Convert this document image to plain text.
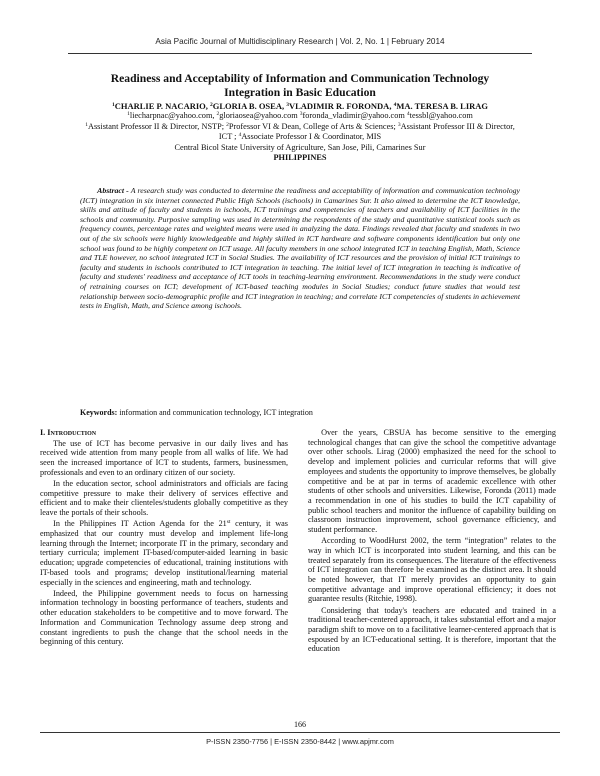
Asia Pacific Journal of Multidisciplinary Research | Vol. 2, No. 1 | February 2014
Readiness and Acceptability of Information and Communication Technology
Integration in Basic Education
$^1$CHARLIE P. NACARIO, $^2$GLORIA B. OSEA, $^3$VLADIMIR R. FORONDA, $^4$MA. TERESA B. LIRAG
$^1$liecharpnac@yahoo.com, $^2$gloriaosea@yahoo.com $^3$foronda_vladimir@yahoo.com $^4$tessbl@yahoo.com
$^1$Assistant Professor II & Director, NSTP; $^2$Professor VI & Dean, College of Arts & Sciences; $^3$Assistant Professor III & Director,
ICT ; $^4$Associate Professor I & Coordinator, MIS
Central Bicol State University of Agriculture, San Jose, Pili, Camarines Sur
PHILIPPINES

Abstract - A research study was conducted to determine the readiness and acceptability of information and communication technology (ICT) integration in six internet connected Public High Schools (ischools) in Camarines Sur. It also aimed to determine the ICT knowledge, skills and attitude of faculty and students in ischools, ICT trainings and competencies of teachers and availability of ICT facilities in the schools and community. Purposive sampling was used in determining the respondents of the study and quantitative statistical tools such as frequency counts, percentage rates and weighted means were used in analyzing the data. Findings revealed that faculty and students in two out of the six schools were highly knowledgeable and highly skilled in ICT hardware and software components identification but only one school was found to be highly competent on ICT usage. All faculty members in one school integrated ICT in teaching English, Math, Science and TLE however, no school integrated ICT in Social Studies. The availability of ICT resources and the provision of initial ICT trainings to faculty and students in ischools contributed to ICT integration in teaching. The initial level of ICT integration in teaching is indicative of faculty and students' readiness and acceptance of ICT tools in teaching-learning environment. Recommendations in the study were conduct of retraining courses on ICT; development of ICT-based teaching modules in Social Studies; conduct future studies that would test relationship between socio-demographic profile and ICT integration in teaching; and correlate ICT competencies of students in achievement tests in English, Math, and Science among ischools.

Keywords: information and communication technology, ICT integration

I. Introduction

The use of ICT has become pervasive in our daily lives and has received wide attention from many people from all walks of life. We had seen the increased importance of ICT to students, farmers, businessmen, professionals and even to an ordinary citizen of our society.

In the education sector, school administrators and officials are facing competitive pressure to make their delivery of services effective and efficient and to make their clienteles/students globally competitive as they leave the portals of their schools.

In the Philippines IT Action Agenda for the 21st century, it was emphasized that our country must develop and implement life-long learning through the Internet; incorporate IT in the primary, secondary and tertiary curricula; implement IT-based/computer-aided learning in basic education; upgrade competencies of educational, training institutions with IT-based tools and programs; develop institutional/learning material especially in the sciences and engineering, math and technology.

Indeed, the Philippine government needs to focus on harnessing information technology in boosting performance of teachers, students and other education stakeholders to be competitive and to move forward. The Information and Communication Technology assume deep strong and constant ingredients to push the change that the school needs in the beginning of this century.

Over the years, CBSUA has become sensitive to the emerging technological changes that can give the school the competitive advantage over other schools. Lirag (2000) emphasized the need for the school to develop and implement policies and curricular reforms that will give employees and students the opportunity to improve themselves, be globally competitive and be at par in terms of academic excellence with other students of other schools and universities. Likewise, Foronda (2011) made a recommendation in one of his studies to build the ICT capability of public school teachers and monitor the influence of capability building on classroom instruction improvement, school governance efficiency, and student performance.

According to WoodHurst 2002, the term “integration” relates to the way in which ICT is incorporated into student learning, and this can be treated separately from its consequences. The literature of the effectiveness of ICT integration can therefore be examined as the distinct area. It should be noted however, that IT merely provides an opportunity to gain competitive advantage and improve operational efficiency; it does not guarantee results (Ritchie, 1998).

Considering that today's teachers are educated and trained in a traditional teacher-centered approach, it takes substantial effort and a major paradigm shift to move on to a facilitative learner-centered approach that is espoused by an ICT-educational setting. It is therefore, important that the education

166
P-ISSN 2350-7756 | E-ISSN 2350-8442 | www.apjmr.com
